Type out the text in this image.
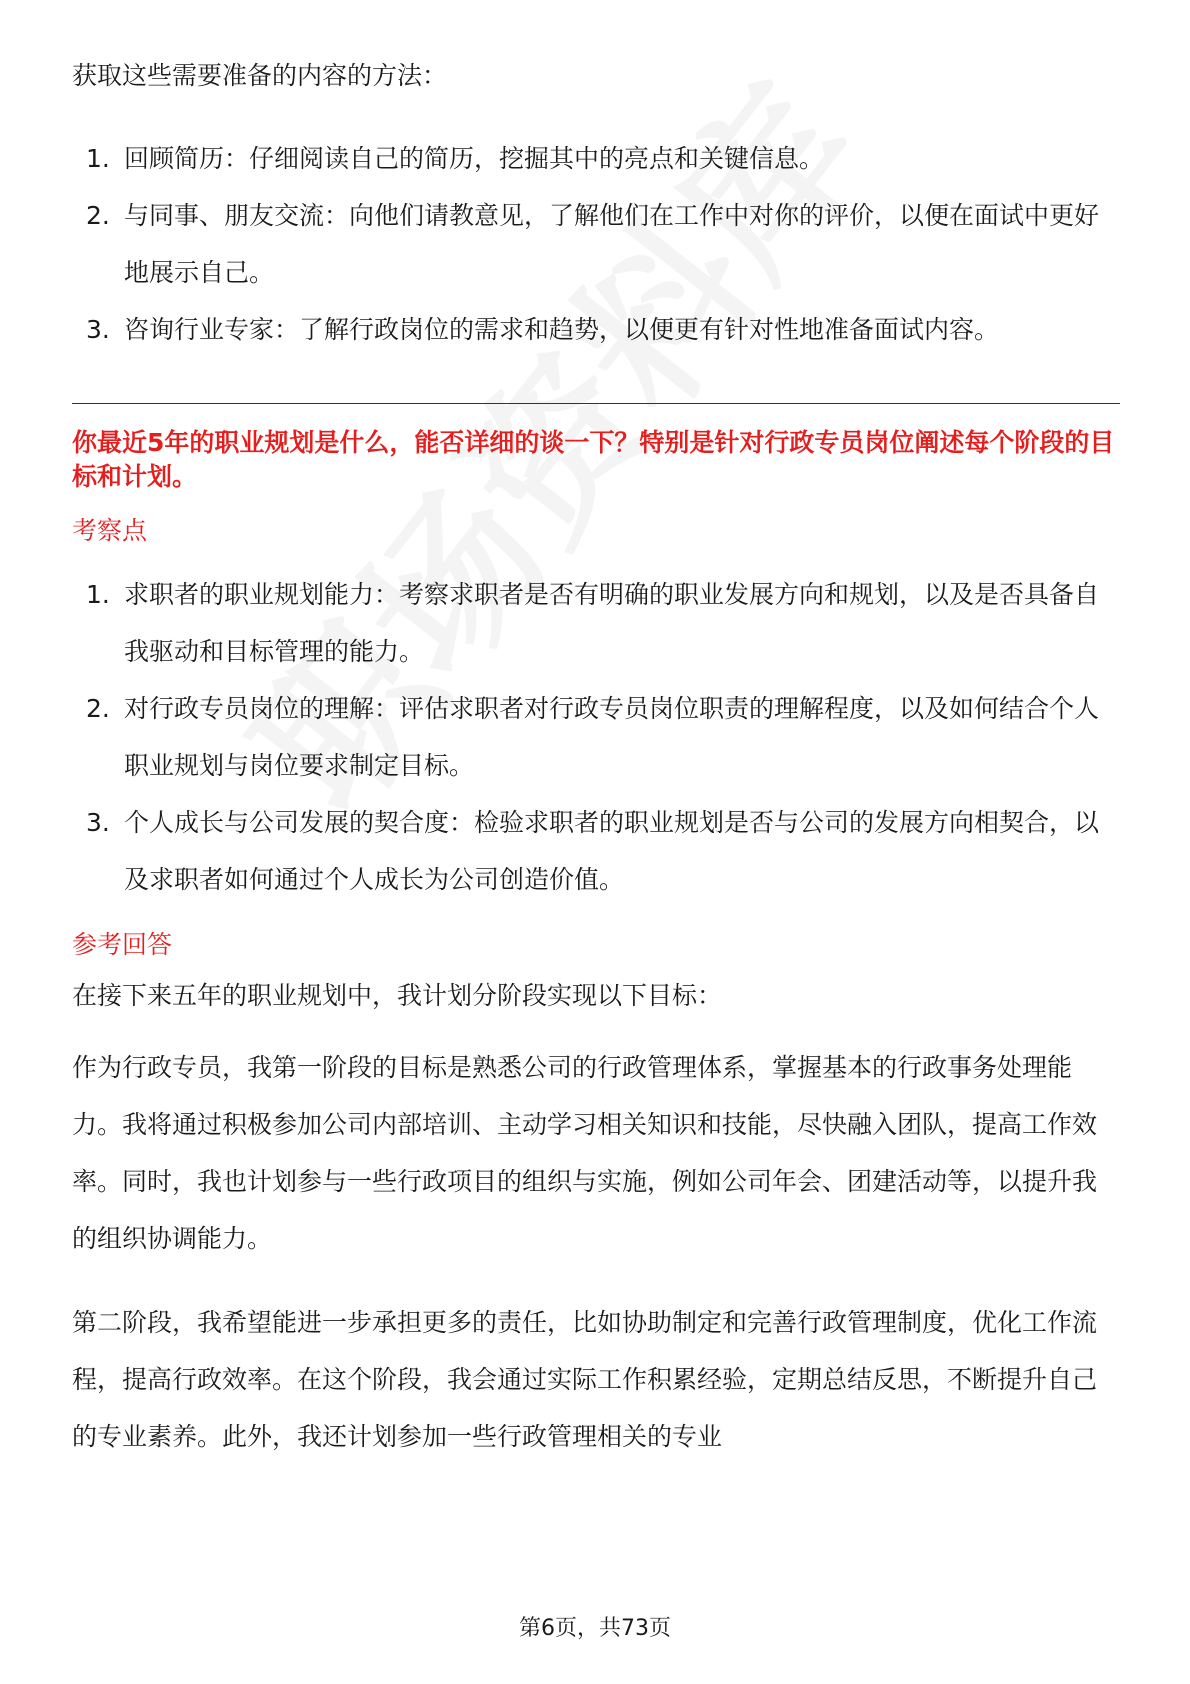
获取这些需要准备的内容的方法：

1. 回顾简历：仔细阅读自己的简历，挖掘其中的亮点和关键信息。
2. 与同事、朋友交流：向他们请教意见，了解他们在工作中对你的评价，以便在面试中更好地展示自己。
3. 咨询行业专家：了解行政岗位的需求和趋势，以便更有针对性地准备面试内容。

你最近5年的职业规划是什么，能否详细的谈一下？特别是针对行政专员岗位阐述每个阶段的目标和计划。

考察点
1. 求职者的职业规划能力：考察求职者是否有明确的职业发展方向和规划，以及是否具备自我驱动和目标管理的能力。
2. 对行政专员岗位的理解：评估求职者对行政专员岗位职责的理解程度，以及如何结合个人职业规划与岗位要求制定目标。
3. 个人成长与公司发展的契合度：检验求职者的职业规划是否与公司的发展方向相契合，以及求职者如何通过个人成长为公司创造价值。
参考回答

在接下来五年的职业规划中，我计划分阶段实现以下目标：

作为行政专员，我第一阶段的目标是熟悉公司的行政管理体系，掌握基本的行政事务处理能力。我将通过积极参加公司内部培训、主动学习相关知识和技能，尽快融入团队，提高工作效率。同时，我也计划参与一些行政项目的组织与实施，例如公司年会、团建活动等，以提升我的组织协调能力。

第二阶段，我希望能进一步承担更多的责任，比如协助制定和完善行政管理制度，优化工作流程，提高行政效率。在这个阶段，我会通过实际工作积累经验，定期总结反思，不断提升自己的专业素养。此外，我还计划参加一些行政管理相关的专业

第6页，共73页
